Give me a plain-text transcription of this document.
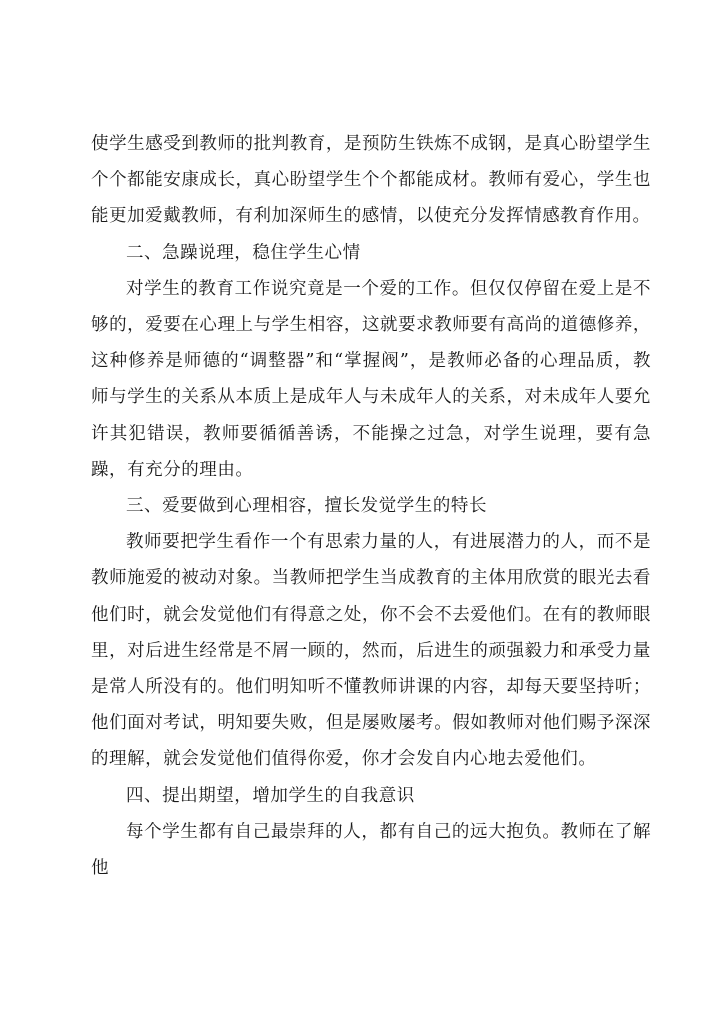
使学生感受到教师的批判教育，是预防生铁炼不成钢，是真心盼望学生个个都能安康成长，真心盼望学生个个都能成材。教师有爱心，学生也能更加爱戴教师，有利加深师生的感情，以使充分发挥情感教育作用。

二、急躁说理，稳住学生心情

对学生的教育工作说究竟是一个爱的工作。但仅仅停留在爱上是不够的，爱要在心理上与学生相容，这就要求教师要有高尚的道德修养，这种修养是师德的“调整器”和“掌握阀”，是教师必备的心理品质，教师与学生的关系从本质上是成年人与未成年人的关系，对未成年人要允许其犯错误，教师要循循善诱，不能操之过急，对学生说理，要有急躁，有充分的理由。

三、爱要做到心理相容，擅长发觉学生的特长

教师要把学生看作一个有思索力量的人，有进展潜力的人，而不是教师施爱的被动对象。当教师把学生当成教育的主体用欣赏的眼光去看他们时，就会发觉他们有得意之处，你不会不去爱他们。在有的教师眼里，对后进生经常是不屑一顾的，然而，后进生的顽强毅力和承受力量是常人所没有的。他们明知听不懂教师讲课的内容，却每天要坚持听；他们面对考试，明知要失败，但是屡败屡考。假如教师对他们赐予深深的理解，就会发觉他们值得你爱，你才会发自内心地去爱他们。

四、提出期望，增加学生的自我意识

每个学生都有自己最崇拜的人，都有自己的远大抱负。教师在了解他
